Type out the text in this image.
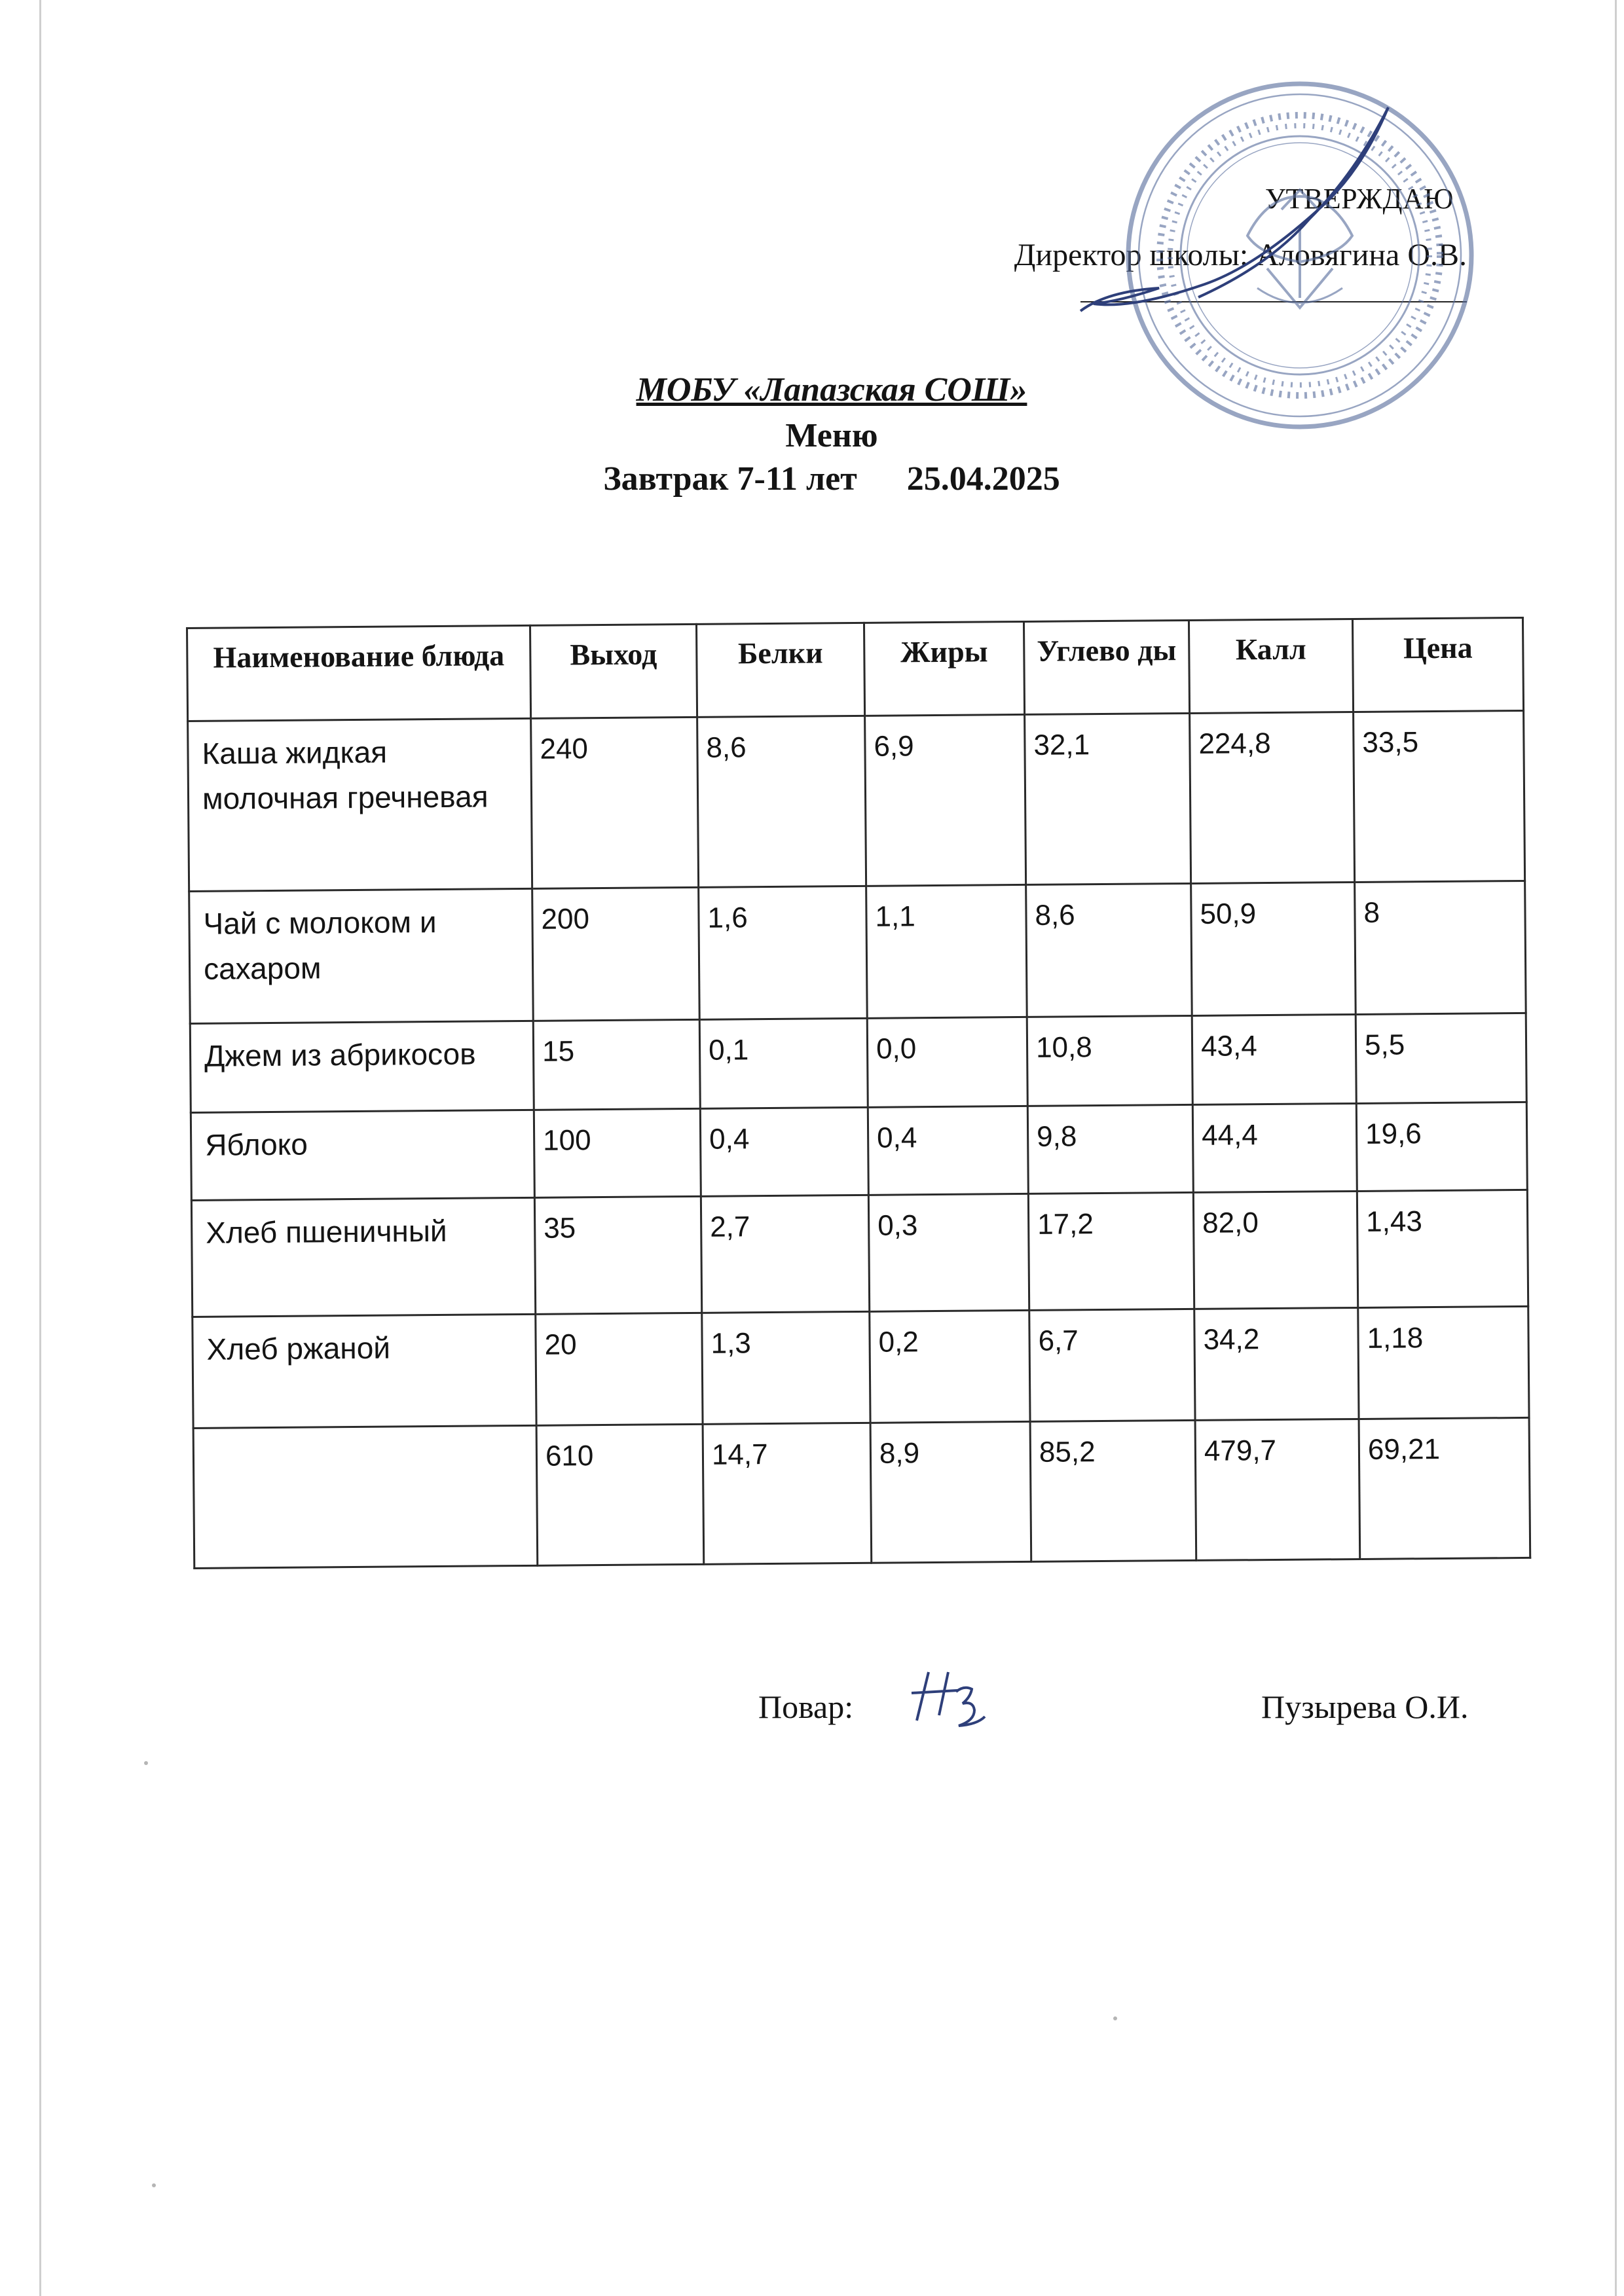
УТВЕРЖДАЮ
Директор школы: Аловягина О.В.
МОБУ «Лапазская СОШ»
Меню
Завтрак 7-11 лет 25.04.2025
Наименование блюда	Выход	Белки	Жиры	Углево ды	Калл	Цена
Каша жидкая молочная гречневая	240	8,6	6,9	32,1	224,8	33,5
Чай с молоком и сахаром	200	1,6	1,1	8,6	50,9	8
Джем из абрикосов	15	0,1	0,0	10,8	43,4	5,5
Яблоко	100	0,4	0,4	9,8	44,4	19,6
Хлеб пшеничный	35	2,7	0,3	17,2	82,0	1,43
Хлеб ржаной	20	1,3	0,2	6,7	34,2	1,18
	610	14,7	8,9	85,2	479,7	69,21
Повар:	Пузырева О.И.
